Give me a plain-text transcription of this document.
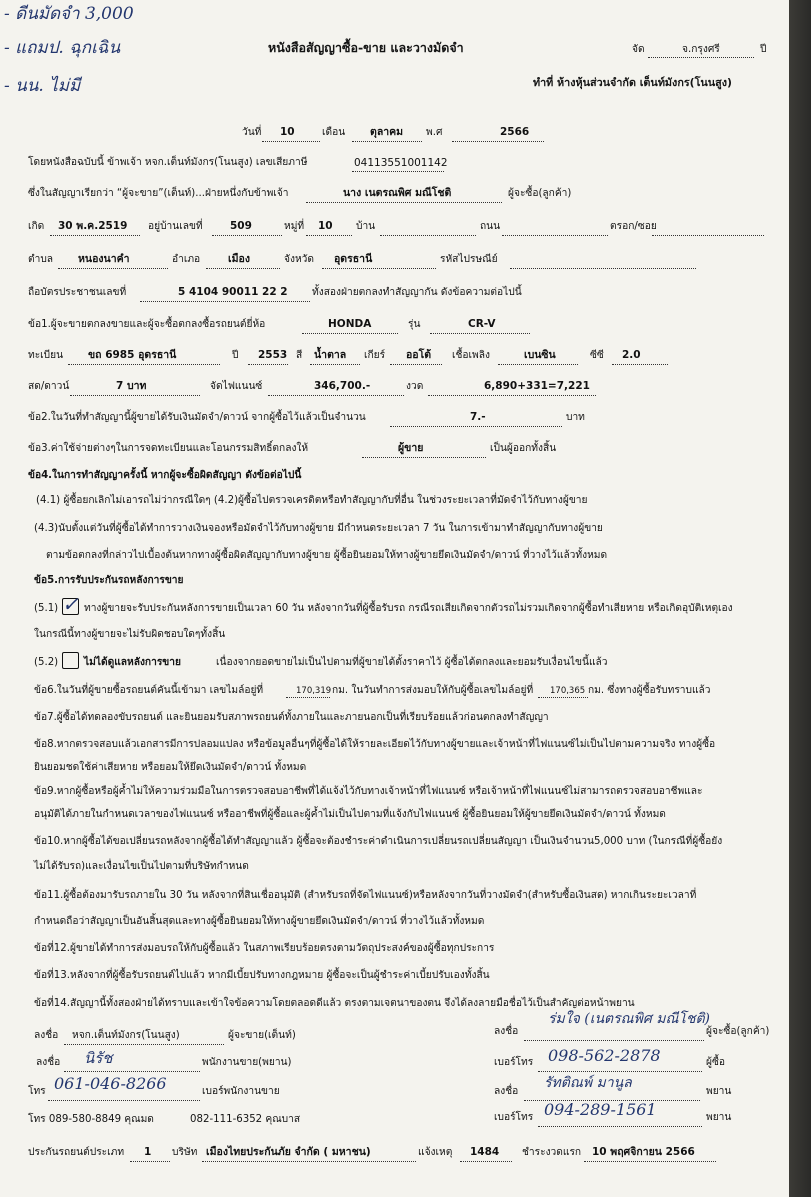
- ดีนมัดจำ 3,000
- แถมป. ฉุกเฉิน
- นน. ไม่มี
หนังสือสัญญาซื้อ-ขาย และวางมัดจำ	จัด	จ.กรุงศรี	ปี
ทำที่ ห้างหุ้นส่วนจำกัด เต็นท์มังกร(โนนสูง)
วันที่ 10	เดือน ตุลาคม พ.ศ	2566
โดยหนังสือฉบับนี้ ข้าพเจ้า หจก.เต็นท์มังกร(โนนสูง) เลขเสียภาษี	04113551001142
ซึ่งในสัญญาเรียกว่า “ผู้จะขาย”(เต็นท์)...ฝ่ายหนึ่งกับข้าพเจ้า	นาง เนตรณพิศ มณีโชติ	ผู้จะซื้อ(ลูกค้า)
เกิด 30 พ.ค.2519 อยู่บ้านเลขที่	509	หมู่ที่ 10 บ้าน	ถนน	ตรอก/ซอย
ตำบล หนองนาคำ	อำเภอ	เมือง	จังหวัด อุดรธานี	รหัสไปรษณีย์
ถือบัตรประชาชนเลขที่	5 4104 90011 22 2 ทั้งสองฝ่ายตกลงทำสัญญากัน ดังข้อความต่อไปนี้
ข้อ1.ผู้จะขายตกลงขายและผู้จะซื้อตกลงซื้อรถยนต์ยี่ห้อ	HONDA	รุ่น	CR-V
ทะเบียน ขถ 6985 อุดรธานี	ปี 2553 สี น้ำตาล เกียร์ ออโต้ เชื้อเพลิง	เบนซิน	ซีซี 2.0
สด/ดาวน์	7 บาท	จัดไฟแนนซ์	346,700.-	งวด	6,890+331=7,221
ข้อ2.ในวันที่ทำสัญญานี้ผู้ขายได้รับเงินมัดจำ/ดาวน์ จากผู้ซื้อไว้แล้วเป็นจำนวน	7.-	บาท
ข้อ3.ค่าใช้จ่ายต่างๆในการจดทะเบียนและโอนกรรมสิทธิ์ตกลงให้	ผู้ขาย	เป็นผู้ออกทั้งสิ้น
ข้อ4.ในการทำสัญญาครั้งนี้ หากผู้จะซื้อผิดสัญญา ดังข้อต่อไปนี้
(4.1) ผู้ซื้อยกเลิกไม่เอารถไม่ว่ากรณีใดๆ (4.2)ผู้ซื้อไปตรวจเครดิตหรือทำสัญญากับที่อื่น ในช่วงระยะเวลาที่มัดจำไว้กับทางผู้ขาย
(4.3)นับตั้งแต่วันที่ผู้ซื้อได้ทำการวางเงินจองหรือมัดจำไว้กับทางผู้ขาย มีกำหนดระยะเวลา 7 วัน ในการเข้ามาทำสัญญากับทางผู้ขาย
ตามข้อตกลงที่กล่าวไปเบื้องต้นหากทางผู้ซื้อผิดสัญญากับทางผู้ขาย ผู้ซื้อยินยอมให้ทางผู้ขายยึดเงินมัดจำ/ดาวน์ ที่วางไว้แล้วทั้งหมด
ข้อ5.การรับประกันรถหลังการขาย
(5.1) ✓ ทางผู้ขายจะรับประกันหลังการขายเป็นเวลา 60 วัน หลังจากวันที่ผู้ซื้อรับรถ กรณีรถเสียเกิดจากตัวรถไม่รวมเกิดจากผู้ซื้อทำเสียหาย หรือเกิดอุบัติเหตุเอง
ในกรณีนี้ทางผู้ขายจะไม่รับผิดชอบใดๆทั้งสิ้น
(5.2)	ไม่ได้ดูแลหลังการขาย	เนื่องจากยอดขายไม่เป็นไปตามที่ผู้ขายได้ตั้งราคาไว้ ผู้ซื้อได้ตกลงและยอมรับเงื่อนไขนี้แล้ว
ข้อ6.ในวันที่ผู้ขายซื้อรถยนต์คันนี้เข้ามา เลขไมล์อยู่ที่	170,319 กม. ในวันทำการส่งมอบให้กับผู้ซื้อเลขไมล์อยู่ที่ 170,365 กม. ซึ่งทางผู้ซื้อรับทราบแล้ว
ข้อ7.ผู้ซื้อได้ทดลองขับรถยนต์ และยินยอมรับสภาพรถยนต์ทั้งภายในและภายนอกเป็นที่เรียบร้อยแล้วก่อนตกลงทำสัญญา
ข้อ8.หากตรวจสอบแล้วเอกสารมีการปลอมแปลง หรือข้อมูลอื่นๆที่ผู้ซื้อได้ให้รายละเอียดไว้กับทางผู้ขายและเจ้าหน้าที่ไฟแนนซ์ไม่เป็นไปตามความจริง ทางผู้ซื้อ
ยินยอมชดใช้ค่าเสียหาย หรือยอมให้ยึดเงินมัดจำ/ดาวน์ ทั้งหมด
ข้อ9.หากผู้ซื้อหรือผู้ค้ำไม่ให้ความร่วมมือในการตรวจสอบอาชีพที่ได้แจ้งไว้กับทางเจ้าหน้าที่ไฟแนนซ์ หรือเจ้าหน้าที่ไฟแนนซ์ไม่สามารถตรวจสอบอาชีพและ
อนุมัติได้ภายในกำหนดเวลาของไฟแนนซ์ หรืออาชีพที่ผู้ซื้อและผู้ค้ำไม่เป็นไปตามที่แจ้งกับไฟแนนซ์ ผู้ซื้อยินยอมให้ผู้ขายยึดเงินมัดจำ/ดาวน์ ทั้งหมด
ข้อ10.หากผู้ซื้อได้ขอเปลี่ยนรถหลังจากผู้ซื้อได้ทำสัญญาแล้ว ผู้ซื้อจะต้องชำระค่าดำเนินการเปลี่ยนรถเปลี่ยนสัญญา เป็นเงินจำนวน5,000 บาท (ในกรณีที่ผู้ซื้อยัง
ไม่ได้รับรถ)และเงื่อนไขเป็นไปตามที่บริษัทกำหนด
ข้อ11.ผู้ซื้อต้องมารับรถภายใน 30 วัน หลังจากที่สินเชื่ออนุมัติ (สำหรับรถที่จัดไฟแนนซ์)หรือหลังจากวันที่วางมัดจำ(สำหรับซื้อเงินสด) หากเกินระยะเวลาที่
กำหนดถือว่าสัญญาเป็นอันสิ้นสุดและทางผู้ซื้อยินยอมให้ทางผู้ขายยึดเงินมัดจำ/ดาวน์ ที่วางไว้แล้วทั้งหมด
ข้อที่12.ผู้ขายได้ทำการส่งมอบรถให้กับผู้ซื้อแล้ว ในสภาพเรียบร้อยตรงตามวัตถุประสงค์ของผู้ซื้อทุกประการ
ข้อที่13.หลังจากที่ผู้ซื้อรับรถยนต์ไปแล้ว หากมีเบี้ยปรับทางกฎหมาย ผู้ซื้อจะเป็นผู้ชำระค่าเบี้ยปรับเองทั้งสิ้น
ข้อที่14.สัญญานี้ทั้งสองฝ่ายได้ทราบและเข้าใจข้อความโดยตลอดดีแล้ว ตรงตามเจตนาของตน จึงได้ลงลายมือชื่อไว้เป็นสำคัญต่อหน้าพยาน
ลงชื่อ หจก.เต็นท์มังกร(โนนสูง)	ผู้จะขาย(เต็นท์)	ลงชื่อ
ร่มใจ (เนตรณพิศ มณีโชติ)
ผู้จะซื้อ(ลูกค้า)
ลงชื่อ นิรัช	พนักงานขาย(พยาน)	เบอร์โทร 098-562-2878	ผู้ซื้อ
โทร 061-046-8266	เบอร์พนักงานขาย	ลงชื่อ
รัทติณพ์ มานูล
พยาน
โทร 089-580-8849 คุณมด	082-111-6352 คุณบาส	เบอร์โทร 094-289-1561	พยาน
ประกันรถยนต์ประเภท 1 บริษัท เมืองไทยประกันภัย จำกัด ( มหาชน)	แจ้งเหตุ 1484 ชำระงวดแรก 10 พฤศจิกายน 2566
